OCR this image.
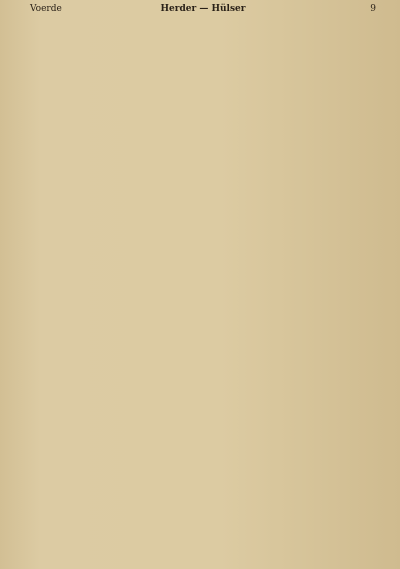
Voerde	Herder — Hülser	9
